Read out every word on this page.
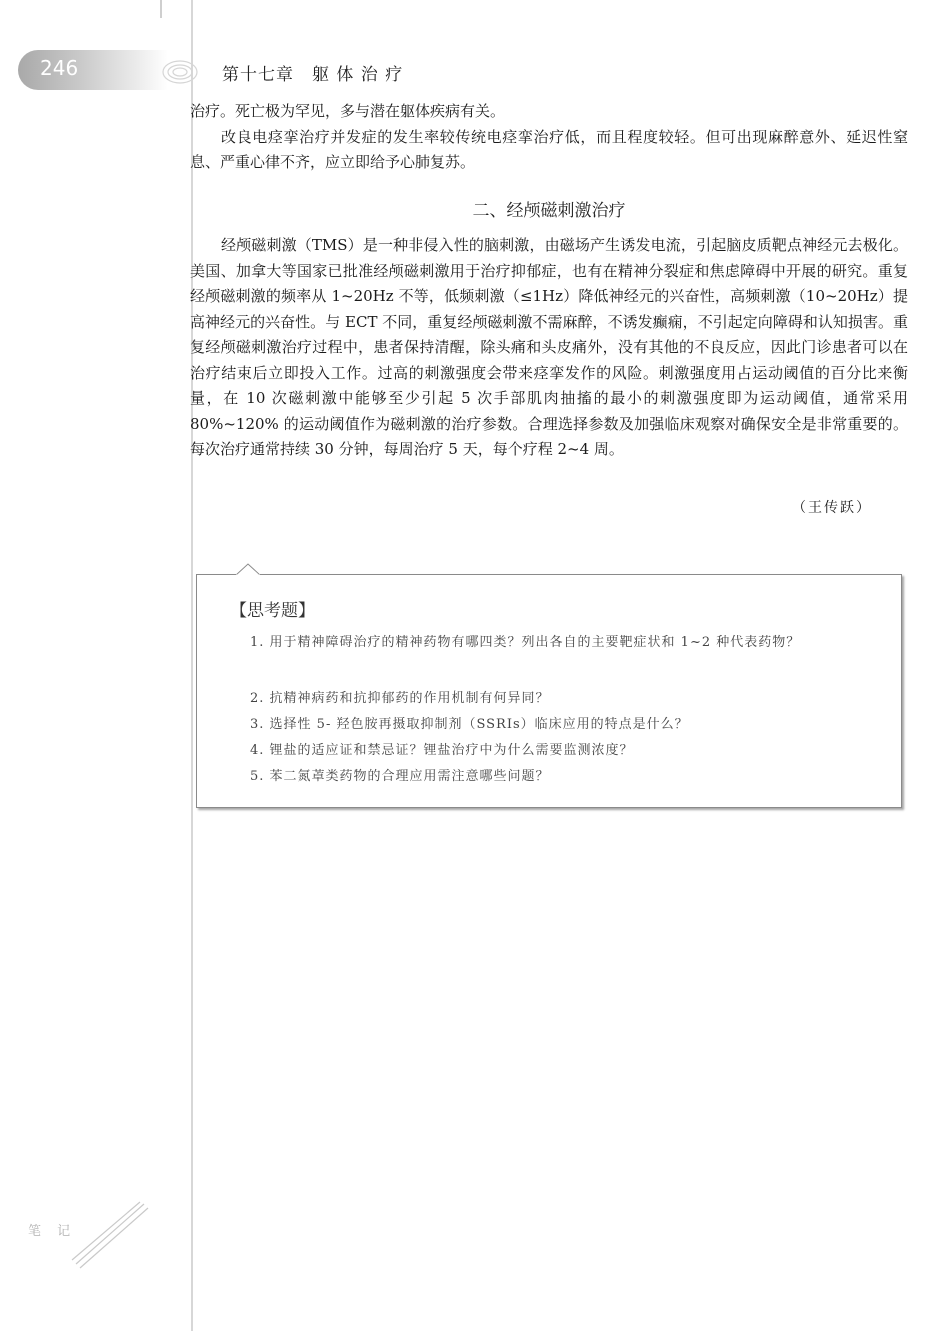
246	第十七章　躯 体 治 疗

治疗。死亡极为罕见，多与潜在躯体疾病有关。

改良电痉挛治疗并发症的发生率较传统电痉挛治疗低，而且程度较轻。但可出现麻醉意外、延迟性窒息、严重心律不齐，应立即给予心肺复苏。

二、经颅磁刺激治疗

经颅磁刺激（TMS）是一种非侵入性的脑刺激，由磁场产生诱发电流，引起脑皮质靶点神经元去极化。美国、加拿大等国家已批准经颅磁刺激用于治疗抑郁症，也有在精神分裂症和焦虑障碍中开展的研究。重复经颅磁刺激的频率从 1~20Hz 不等，低频刺激（≤1Hz）降低神经元的兴奋性，高频刺激（10~20Hz）提高神经元的兴奋性。与 ECT 不同，重复经颅磁刺激不需麻醉，不诱发癫痫，不引起定向障碍和认知损害。重复经颅磁刺激治疗过程中，患者保持清醒，除头痛和头皮痛外，没有其他的不良反应，因此门诊患者可以在治疗结束后立即投入工作。过高的刺激强度会带来痉挛发作的风险。刺激强度用占运动阈值的百分比来衡量，在 10 次磁刺激中能够至少引起 5 次手部肌肉抽搐的最小的刺激强度即为运动阈值，通常采用 80%~120% 的运动阈值作为磁刺激的治疗参数。合理选择参数及加强临床观察对确保安全是非常重要的。每次治疗通常持续 30 分钟，每周治疗 5 天，每个疗程 2~4 周。

（王传跃）
【思考题】
1. 用于精神障碍治疗的精神药物有哪四类？列出各自的主要靶症状和 1~2 种代表药物？
2. 抗精神病药和抗抑郁药的作用机制有何异同？
3. 选择性 5- 羟色胺再摄取抑制剂（SSRIs）临床应用的特点是什么？
4. 锂盐的适应证和禁忌证？锂盐治疗中为什么需要监测浓度？
5. 苯二氮䓬类药物的合理应用需注意哪些问题？
笔 记
